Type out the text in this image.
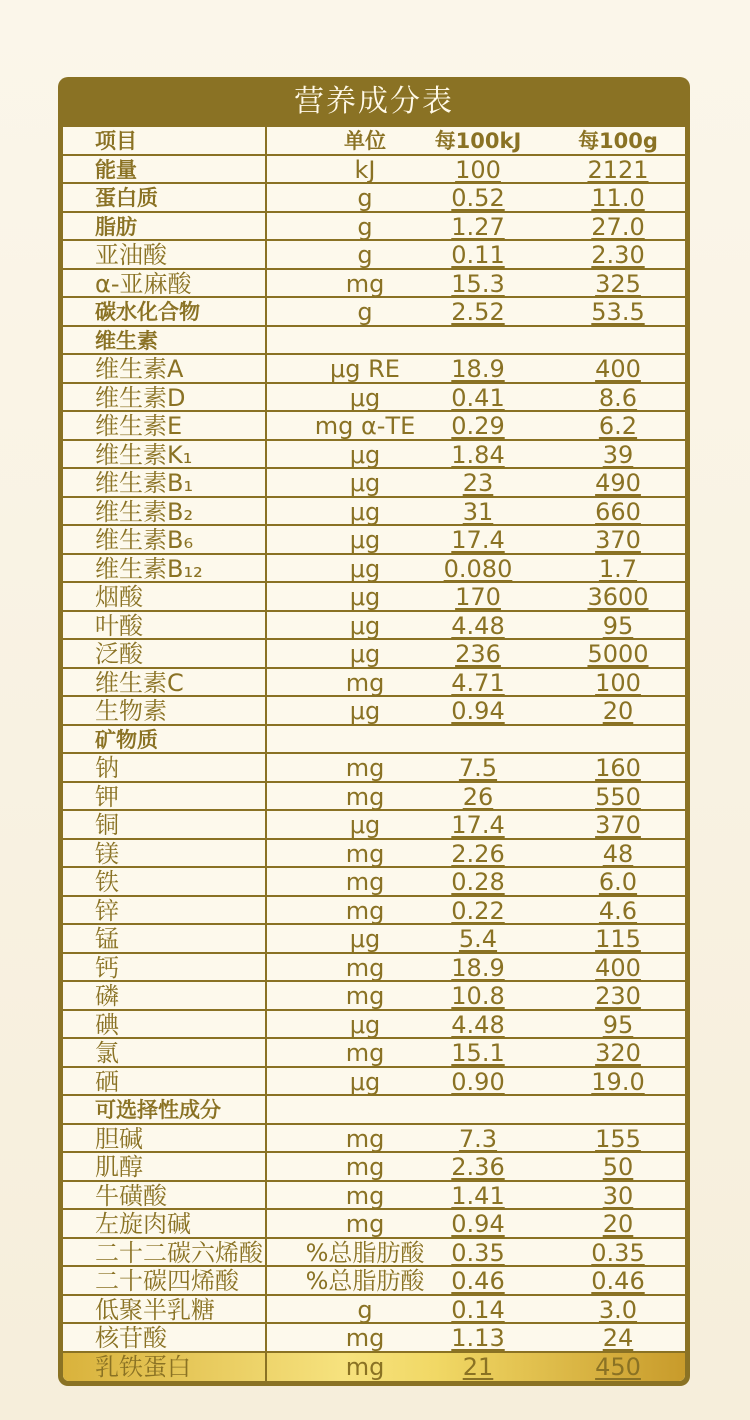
营养成分表
项目	单位	每100kJ	每100g
能量	kJ	100	2121
蛋白质	g	0.52	11.0
脂肪	g	1.27	27.0
亚油酸	g	0.11	2.30
α-亚麻酸	mg	15.3	325
碳水化合物	g	2.52	53.5
维生素
维生素A	μg RE	18.9	400
维生素D	μg	0.41	8.6
维生素E	mg α-TE	0.29	6.2
维生素K₁	μg	1.84	39
维生素B₁	μg	23	490
维生素B₂	μg	31	660
维生素B₆	μg	17.4	370
维生素B₁₂	μg	0.080	1.7
烟酸	μg	170	3600
叶酸	μg	4.48	95
泛酸	μg	236	5000
维生素C	mg	4.71	100
生物素	μg	0.94	20
矿物质
钠	mg	7.5	160
钾	mg	26	550
铜	μg	17.4	370
镁	mg	2.26	48
铁	mg	0.28	6.0
锌	mg	0.22	4.6
锰	μg	5.4	115
钙	mg	18.9	400
磷	mg	10.8	230
碘	μg	4.48	95
氯	mg	15.1	320
硒	μg	0.90	19.0
可选择性成分
胆碱	mg	7.3	155
肌醇	mg	2.36	50
牛磺酸	mg	1.41	30
左旋肉碱	mg	0.94	20
二十二碳六烯酸	%总脂肪酸	0.35	0.35
二十碳四烯酸	%总脂肪酸	0.46	0.46
低聚半乳糖	g	0.14	3.0
核苷酸	mg	1.13	24
乳铁蛋白	mg	21	450
